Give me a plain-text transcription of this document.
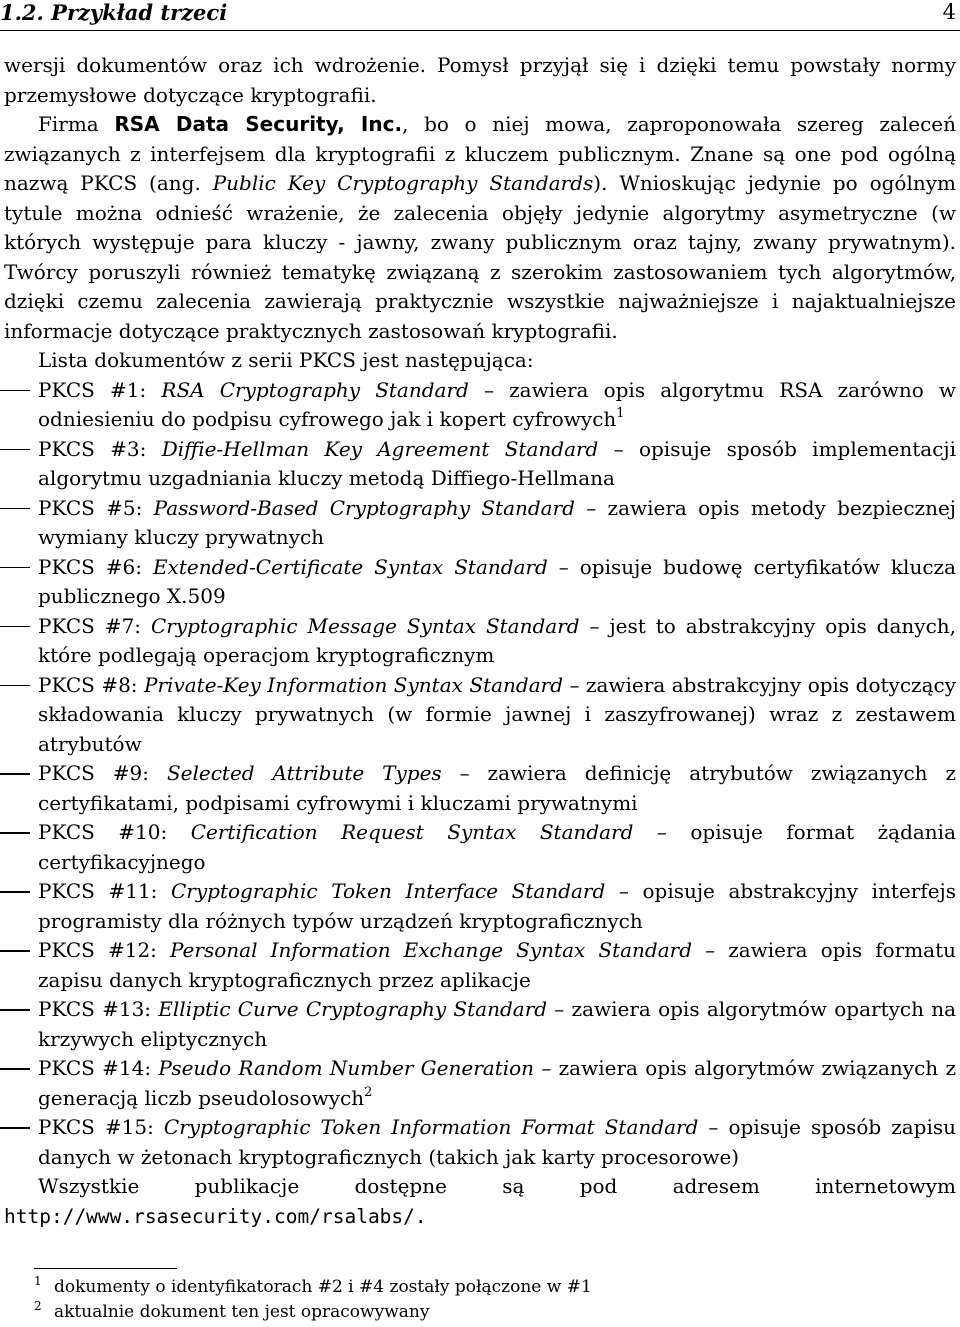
1.2. Przykład trzeci	4

wersji dokumentów oraz ich wdrożenie. Pomysł przyjął się i dzięki temu powstały normy przemysłowe dotyczące kryptografii.

Firma RSA Data Security, Inc., bo o niej mowa, zaproponowała szereg zaleceń związanych z interfejsem dla kryptografii z kluczem publicznym. Znane są one pod ogólną nazwą PKCS (ang. Public Key Cryptography Standards). Wnioskując jedynie po ogólnym tytule można odnieść wrażenie, że zalecenia objęły jedynie algorytmy asymetryczne (w których występuje para kluczy - jawny, zwany publicznym oraz tajny, zwany prywatnym). Twórcy poruszyli również tematykę związaną z szerokim zastosowaniem tych algorytmów, dzięki czemu zalecenia zawierają praktycznie wszystkie najważniejsze i najaktualniejsze informacje dotyczące praktycznych zastosowań kryptografii.

Lista dokumentów z serii PKCS jest następująca:

PKCS #1: RSA Cryptography Standard – zawiera opis algorytmu RSA zarówno w odniesieniu do podpisu cyfrowego jak i kopert cyfrowych$^1$

PKCS #3: Diffie-Hellman Key Agreement Standard – opisuje sposób implementacji algorytmu uzgadniania kluczy metodą Diffiego-Hellmana

PKCS #5: Password-Based Cryptography Standard – zawiera opis metody bezpiecznej wymiany kluczy prywatnych

PKCS #6: Extended-Certificate Syntax Standard – opisuje budowę certyfikatów klucza publicznego X.509

PKCS #7: Cryptographic Message Syntax Standard – jest to abstrakcyjny opis danych, które podlegają operacjom kryptograficznym

PKCS #8: Private-Key Information Syntax Standard – zawiera abstrakcyjny opis dotyczący składowania kluczy prywatnych (w formie jawnej i zaszyfrowanej) wraz z zestawem atrybutów

PKCS #9: Selected Attribute Types – zawiera definicję atrybutów związanych z certyfikatami, podpisami cyfrowymi i kluczami prywatnymi

PKCS #10: Certification Request Syntax Standard – opisuje format żądania certyfikacyjnego

PKCS #11: Cryptographic Token Interface Standard – opisuje abstrakcyjny interfejs programisty dla różnych typów urządzeń kryptograficznych

PKCS #12: Personal Information Exchange Syntax Standard – zawiera opis formatu zapisu danych kryptograficznych przez aplikacje

PKCS #13: Elliptic Curve Cryptography Standard – zawiera opis algorytmów opartych na krzywych eliptycznych

PKCS #14: Pseudo Random Number Generation – zawiera opis algorytmów związanych z generacją liczb pseudolosowych$^2$

PKCS #15: Cryptographic Token Information Format Standard – opisuje sposób zapisu danych w żetonach kryptograficznych (takich jak karty procesorowe)

Wszystkie publikacje dostępne są pod adresem internetowym

http://www.rsasecurity.com/rsalabs/.

1 dokumenty o identyfikatorach #2 i #4 zostały połączone w #1
2 aktualnie dokument ten jest opracowywany
